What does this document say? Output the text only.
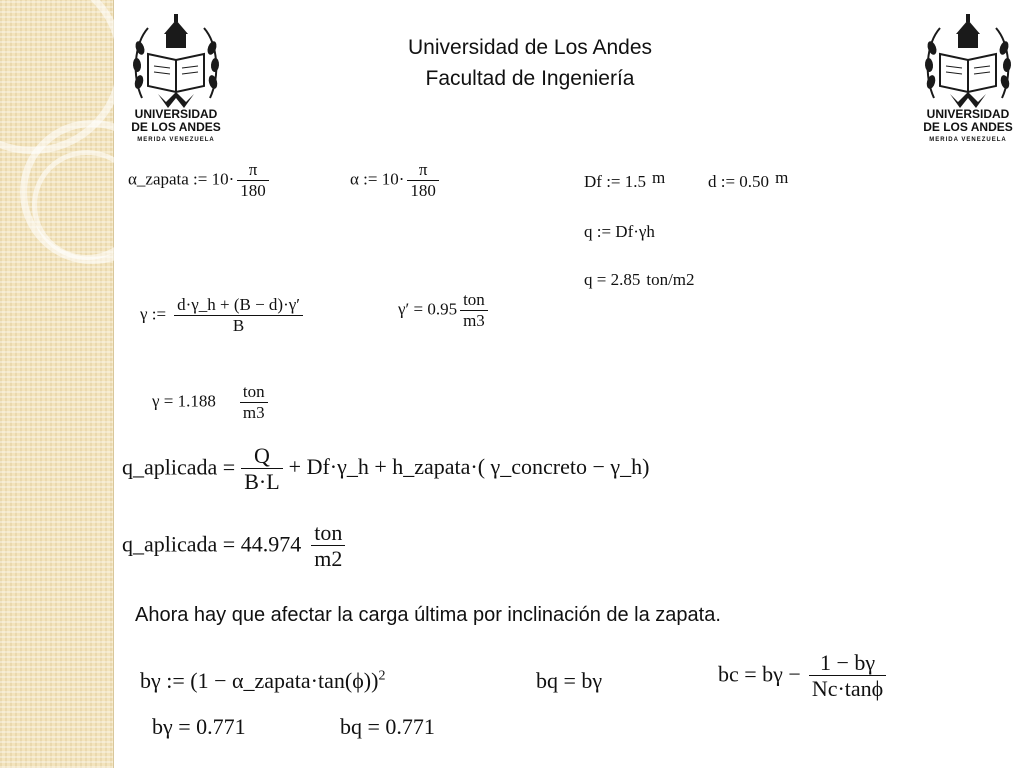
UNIVERSIDAD
DE LOS ANDES
MERIDA VENEZUELA
UNIVERSIDAD
DE LOS ANDES
MERIDA VENEZUELA
Universidad de Los Andes
Facultad de Ingeniería
α_zapata := $10\cdot \frac{\pi}{180}$	α := $10\cdot \frac{\pi}{180}$	Df := 1.5 m	d := 0.50 m
q := Df·γh
q = 2.85 ton/m2
γ := $\frac{d\cdot\gamma\_h + (B - d)\cdot\gamma'}{B}$	$\gamma' = 0.95 \frac{\text{ton}}{m3}$
$\gamma = 1.188 \frac{\text{ton}}{m3}$
q_aplicada = $\frac{Q}{B\cdot L}$ + Df·γ_h + h_zapata·( γ_concreto − γ_h)
q_aplicada = $44.974 \frac{\text{ton}}{m2}$
Ahora hay que afectar la carga última por inclinación de la zapata.
bγ := (1 − α_zapata·tan(ϕ))$^2$	bq = bγ	bc = $b\gamma - \frac{1 - b\gamma}{Nc\cdot\tan\phi}$
bγ = 0.771	bq = 0.771
